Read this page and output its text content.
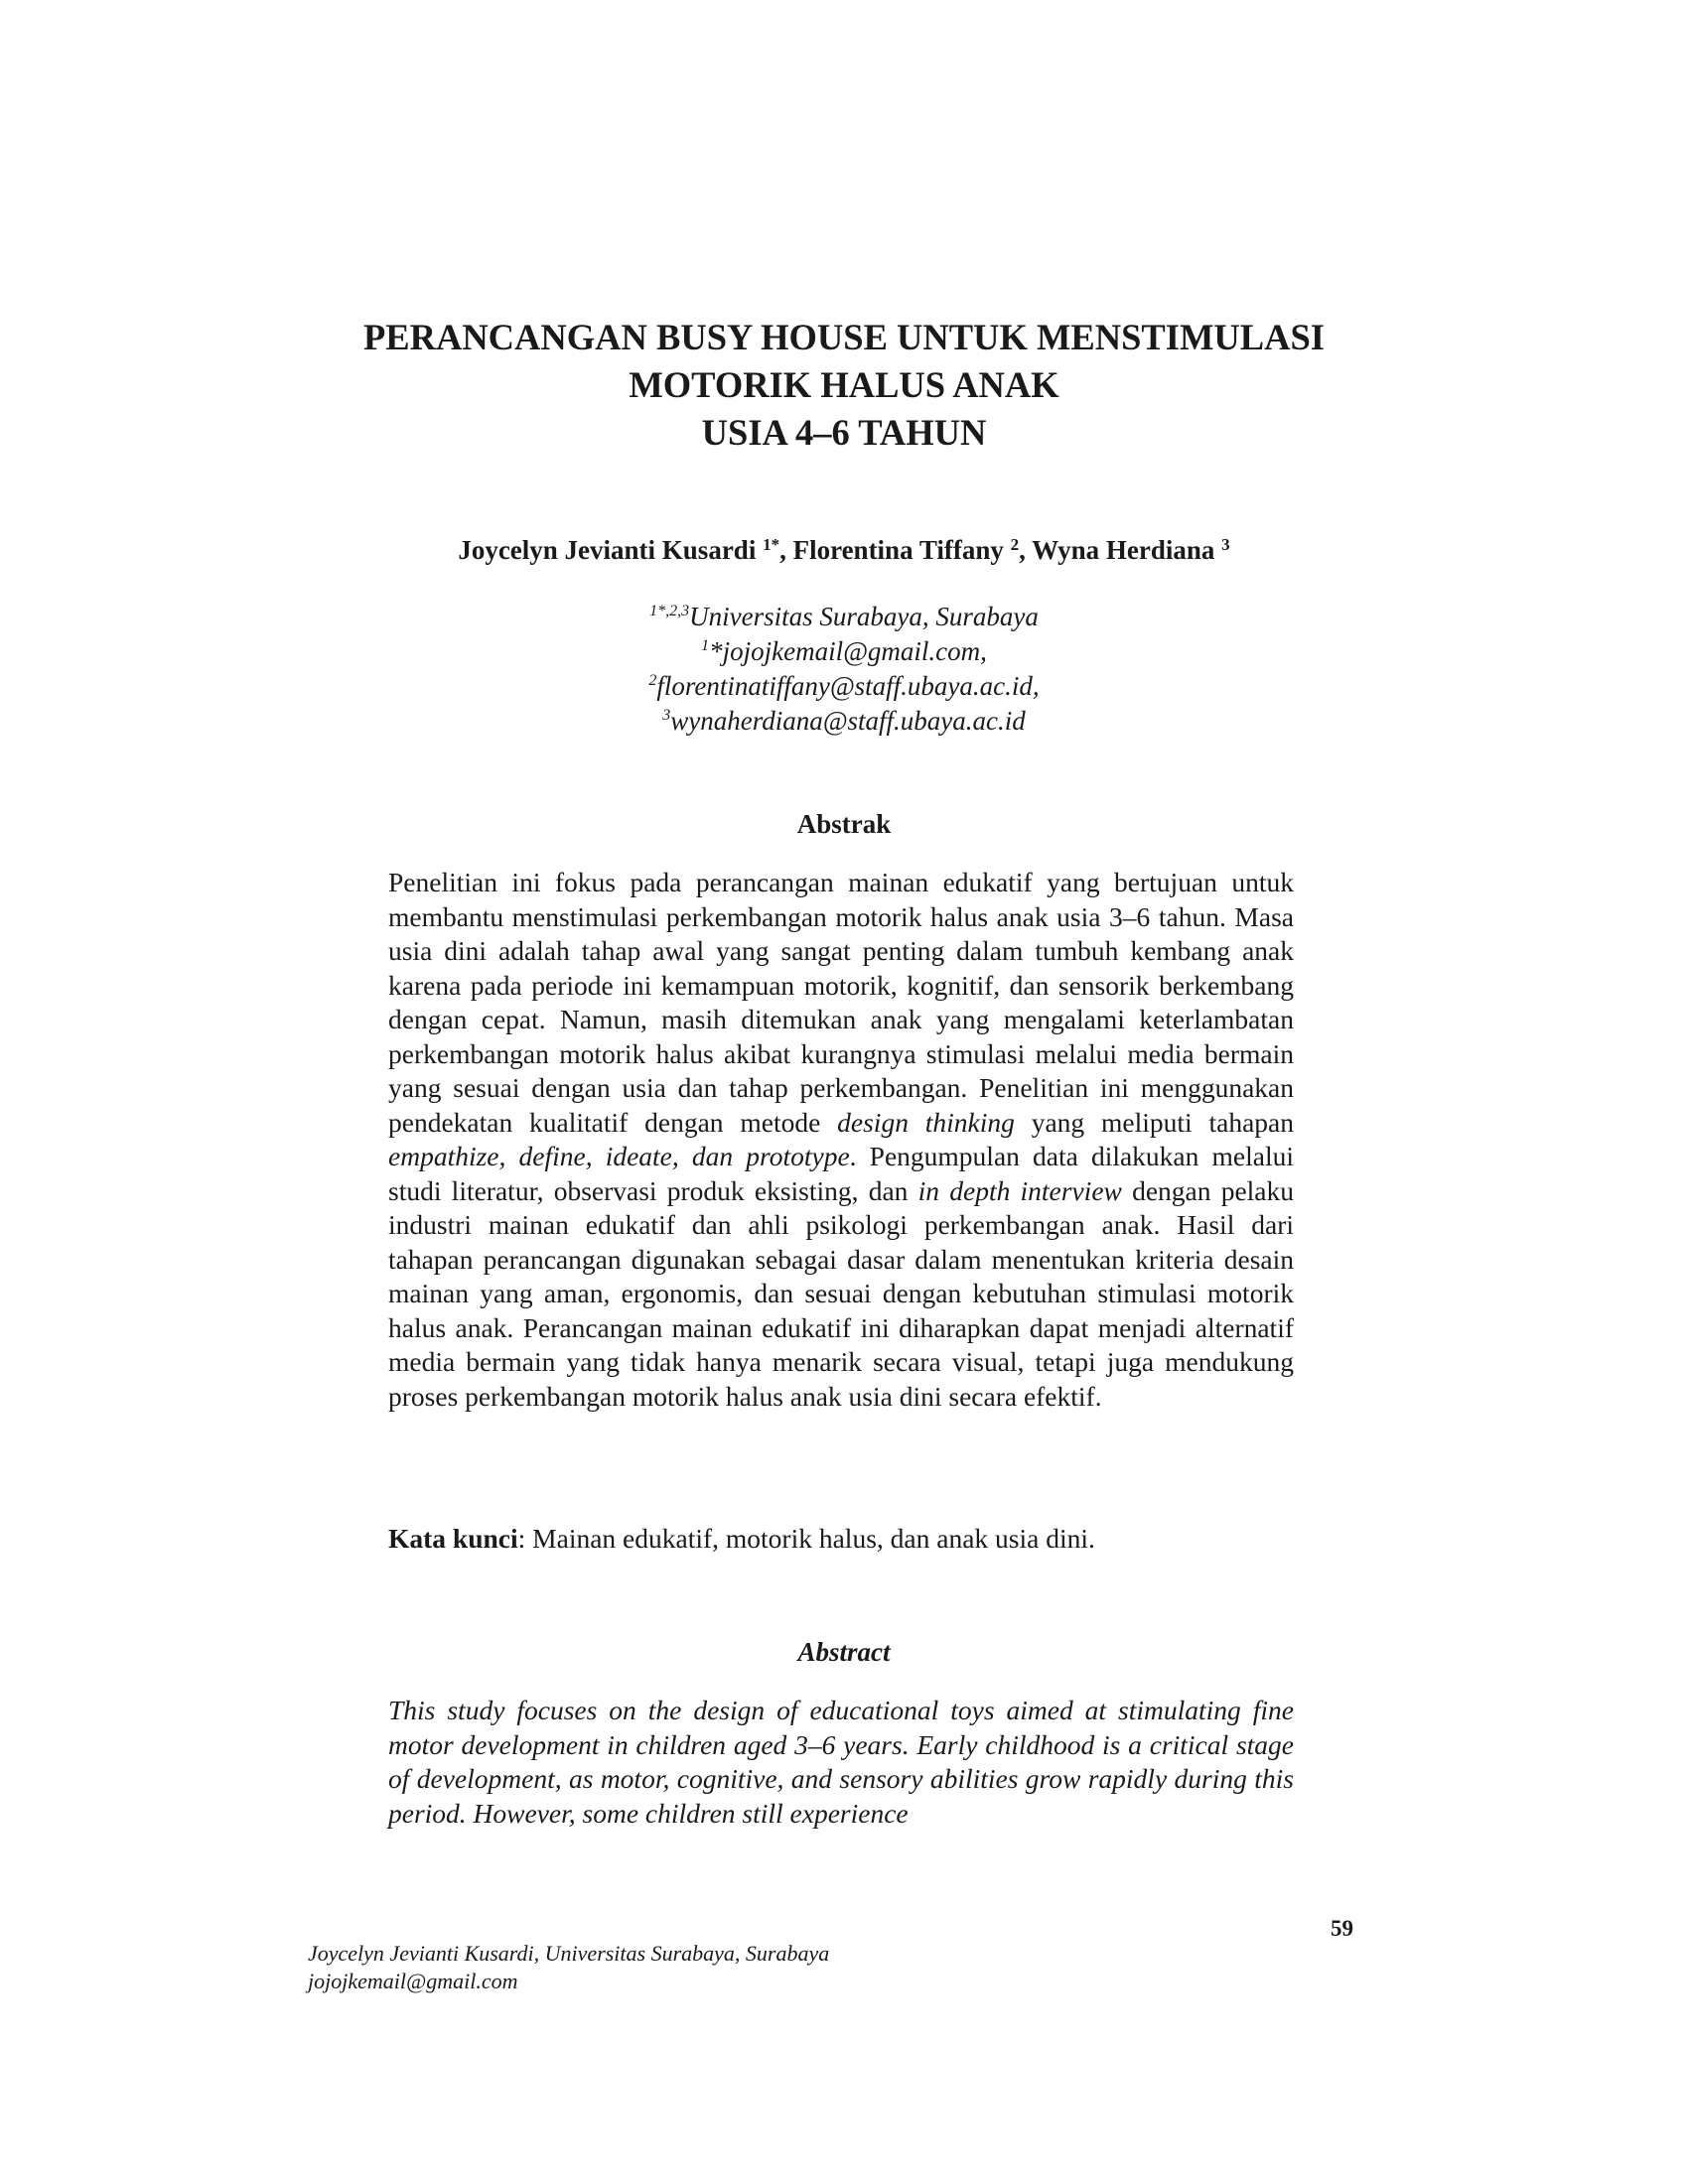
PERANCANGAN BUSY HOUSE UNTUK MENSTIMULASI
MOTORIK HALUS ANAK
USIA 4–6 TAHUN
Joycelyn Jevianti Kusardi $^{1*}$, Florentina Tiffany $^2$, Wyna Herdiana $^3$
$^{1*,2,3}$Universitas Surabaya, Surabaya
$^1$*jojojkemail@gmail.com,
$^2$florentinatiffany@staff.ubaya.ac.id,
$^3$wynaherdiana@staff.ubaya.ac.id
Abstrak

Penelitian ini fokus pada perancangan mainan edukatif yang bertujuan untuk membantu menstimulasi perkembangan motorik halus anak usia 3–6 tahun. Masa usia dini adalah tahap awal yang sangat penting dalam tumbuh kembang anak karena pada periode ini kemampuan motorik, kognitif, dan sensorik berkembang dengan cepat. Namun, masih ditemukan anak yang mengalami keterlambatan perkembangan motorik halus akibat kurangnya stimulasi melalui media bermain yang sesuai dengan usia dan tahap perkembangan. Penelitian ini menggunakan pendekatan kualitatif dengan metode design thinking yang meliputi tahapan empathize, define, ideate, dan prototype. Pengumpulan data dilakukan melalui studi literatur, observasi produk eksisting, dan in depth interview dengan pelaku industri mainan edukatif dan ahli psikologi perkembangan anak. Hasil dari tahapan perancangan digunakan sebagai dasar dalam menentukan kriteria desain mainan yang aman, ergonomis, dan sesuai dengan kebutuhan stimulasi motorik halus anak. Perancangan mainan edukatif ini diharapkan dapat menjadi alternatif media bermain yang tidak hanya menarik secara visual, tetapi juga mendukung proses perkembangan motorik halus anak usia dini secara efektif.

Kata kunci: Mainan edukatif, motorik halus, dan anak usia dini.
Abstract

This study focuses on the design of educational toys aimed at stimulating fine motor development in children aged 3–6 years. Early childhood is a critical stage of development, as motor, cognitive, and sensory abilities grow rapidly during this period. However, some children still experience

59
Joycelyn Jevianti Kusardi, Universitas Surabaya, Surabaya
jojojkemail@gmail.com
